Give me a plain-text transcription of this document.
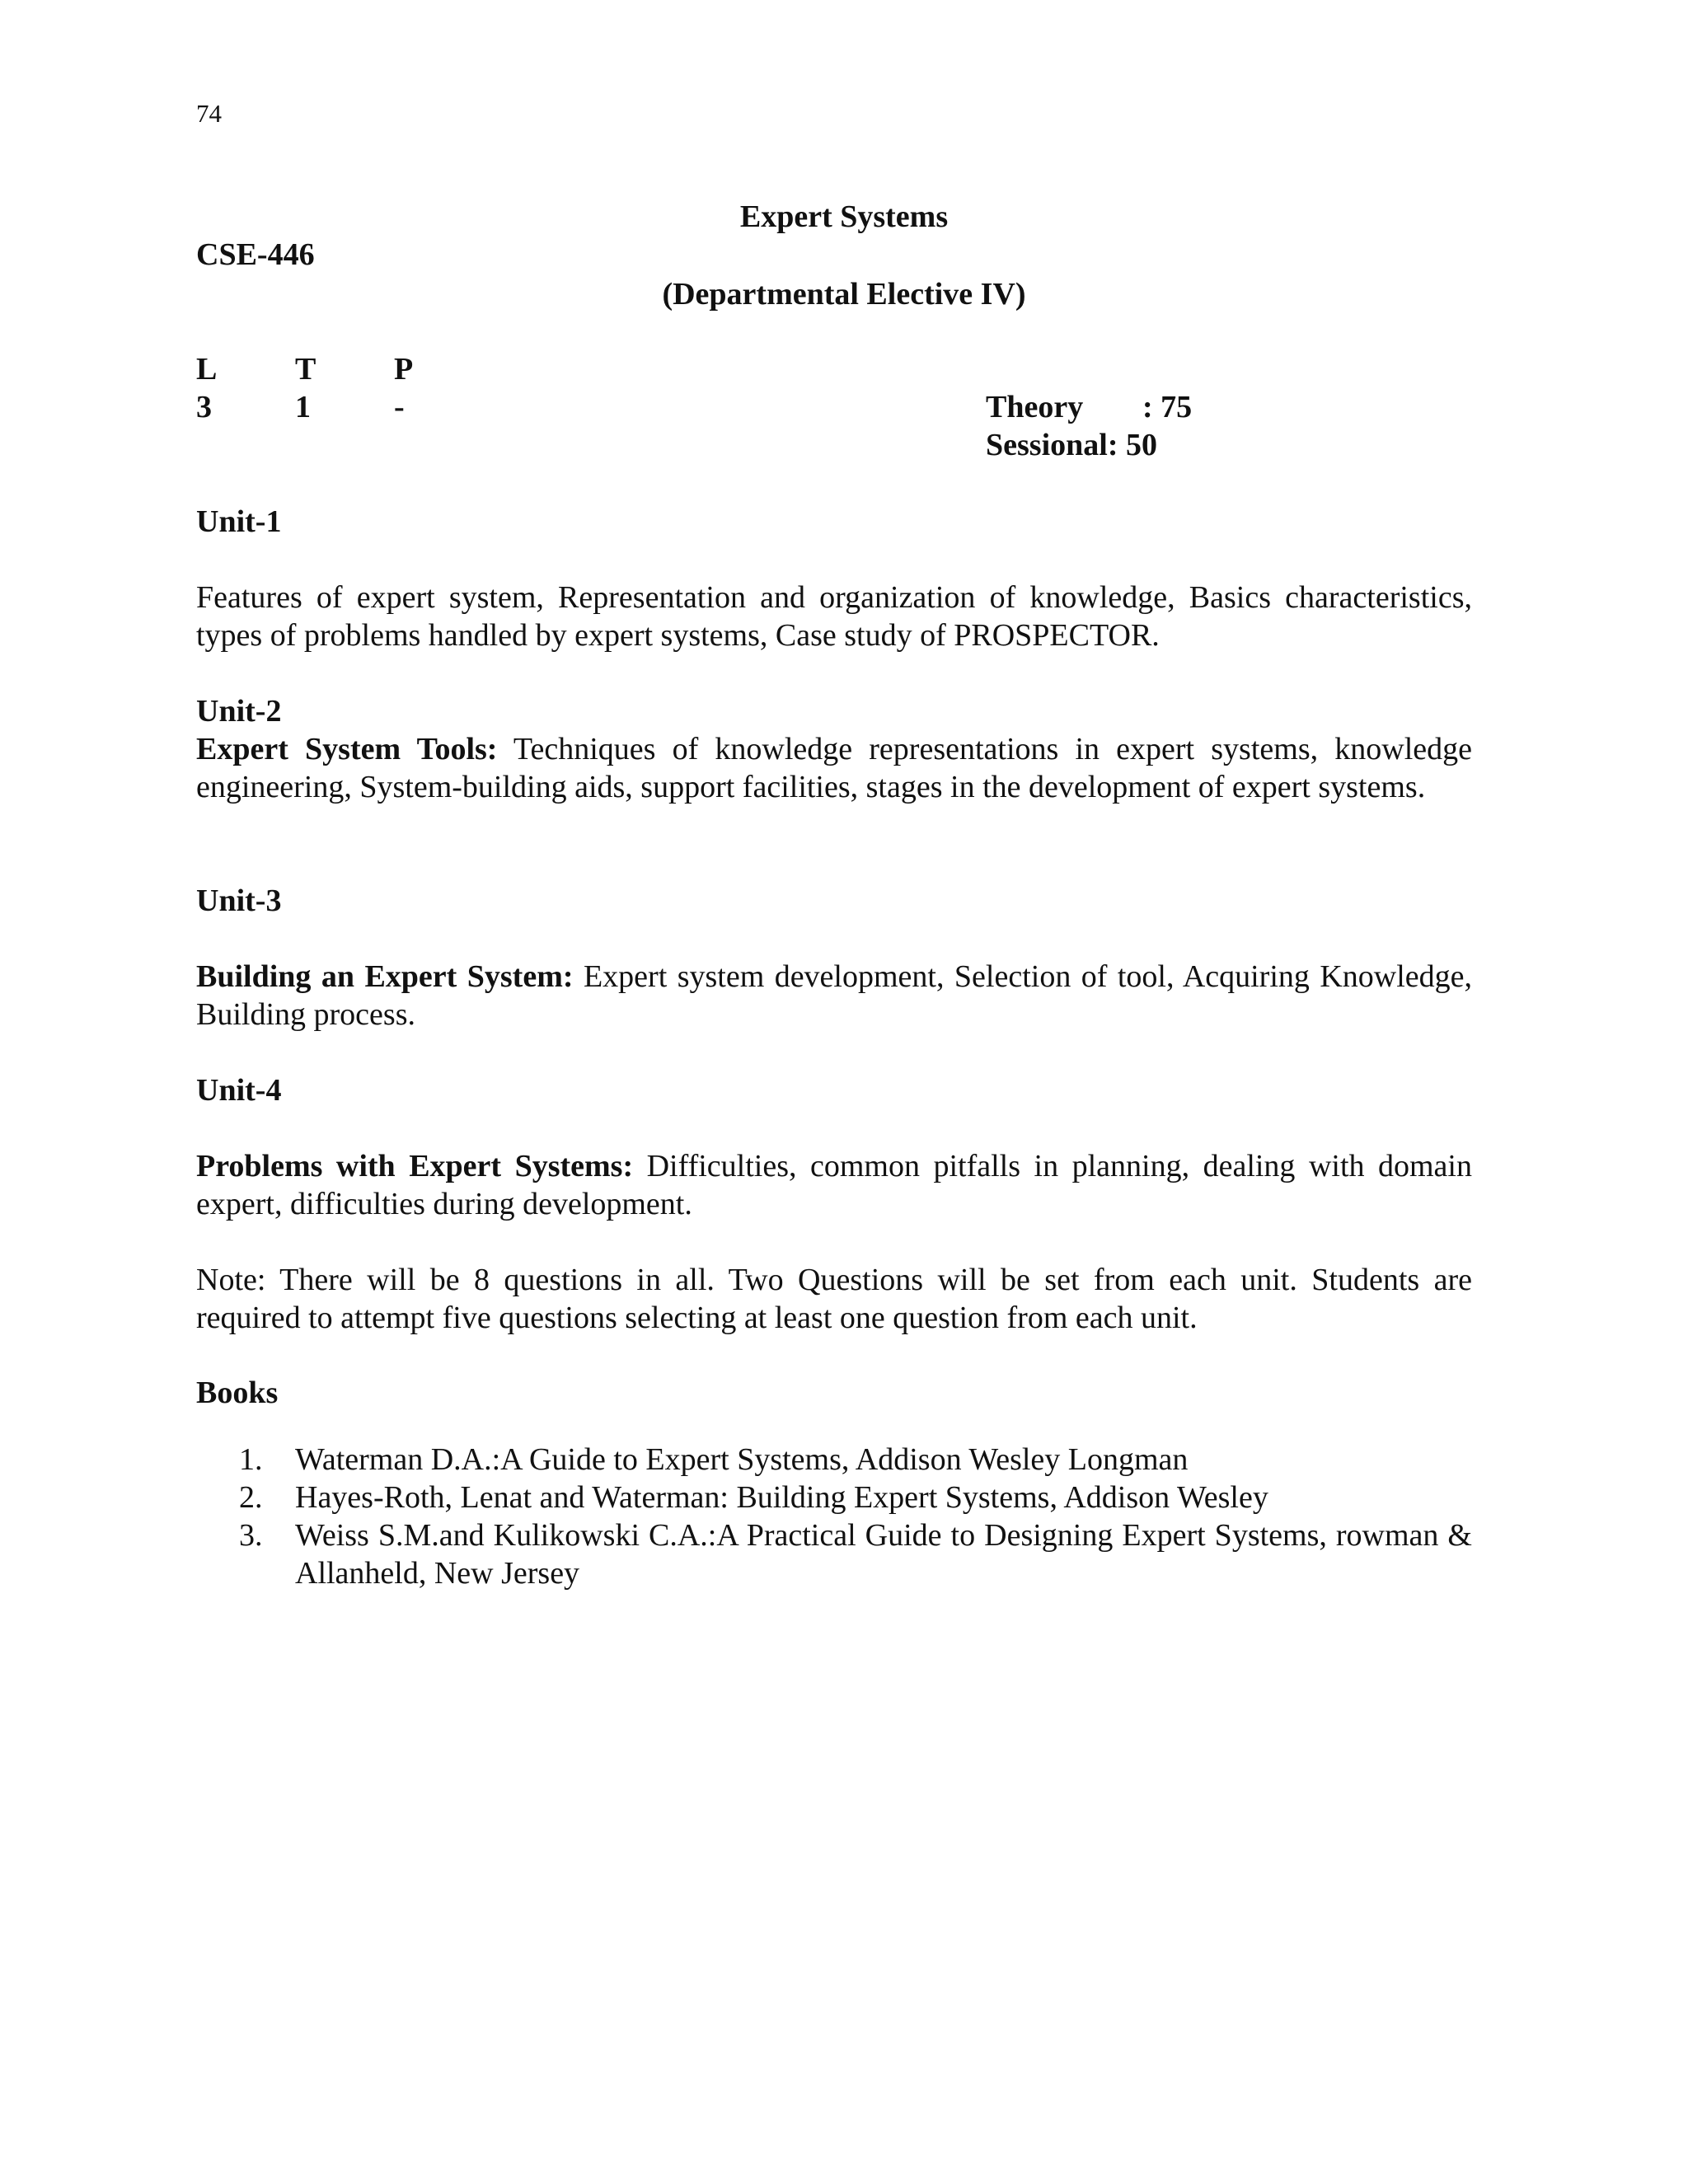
74
Expert Systems
CSE-446
(Departmental Elective IV)
L T P
3	1	-	Theory	: 75
Sessional:
50
Unit-1

Features of expert system, Representation and organization of knowledge, Basics characteristics, types of problems handled by expert systems, Case study of PROSPECTOR.

Unit-2

Expert System Tools: Techniques of knowledge representations in expert systems, knowledge engineering, System-building aids, support facilities, stages in the development of expert systems.

Unit-3

Building an Expert System: Expert system development, Selection of tool, Acquiring Knowledge, Building process.

Unit-4

Problems with Expert Systems: Difficulties, common pitfalls in planning, dealing with domain expert, difficulties during development.

Note: There will be 8 questions in all. Two Questions will be set from each unit. Students are required to attempt five questions selecting at least one question from each unit.

Books
1. Waterman D.A.:A Guide to Expert Systems, Addison Wesley Longman
2. Hayes-Roth, Lenat and Waterman: Building Expert Systems, Addison Wesley
3. Weiss S.M.and Kulikowski C.A.:A Practical Guide to Designing Expert Systems, rowman & Allanheld, New Jersey
